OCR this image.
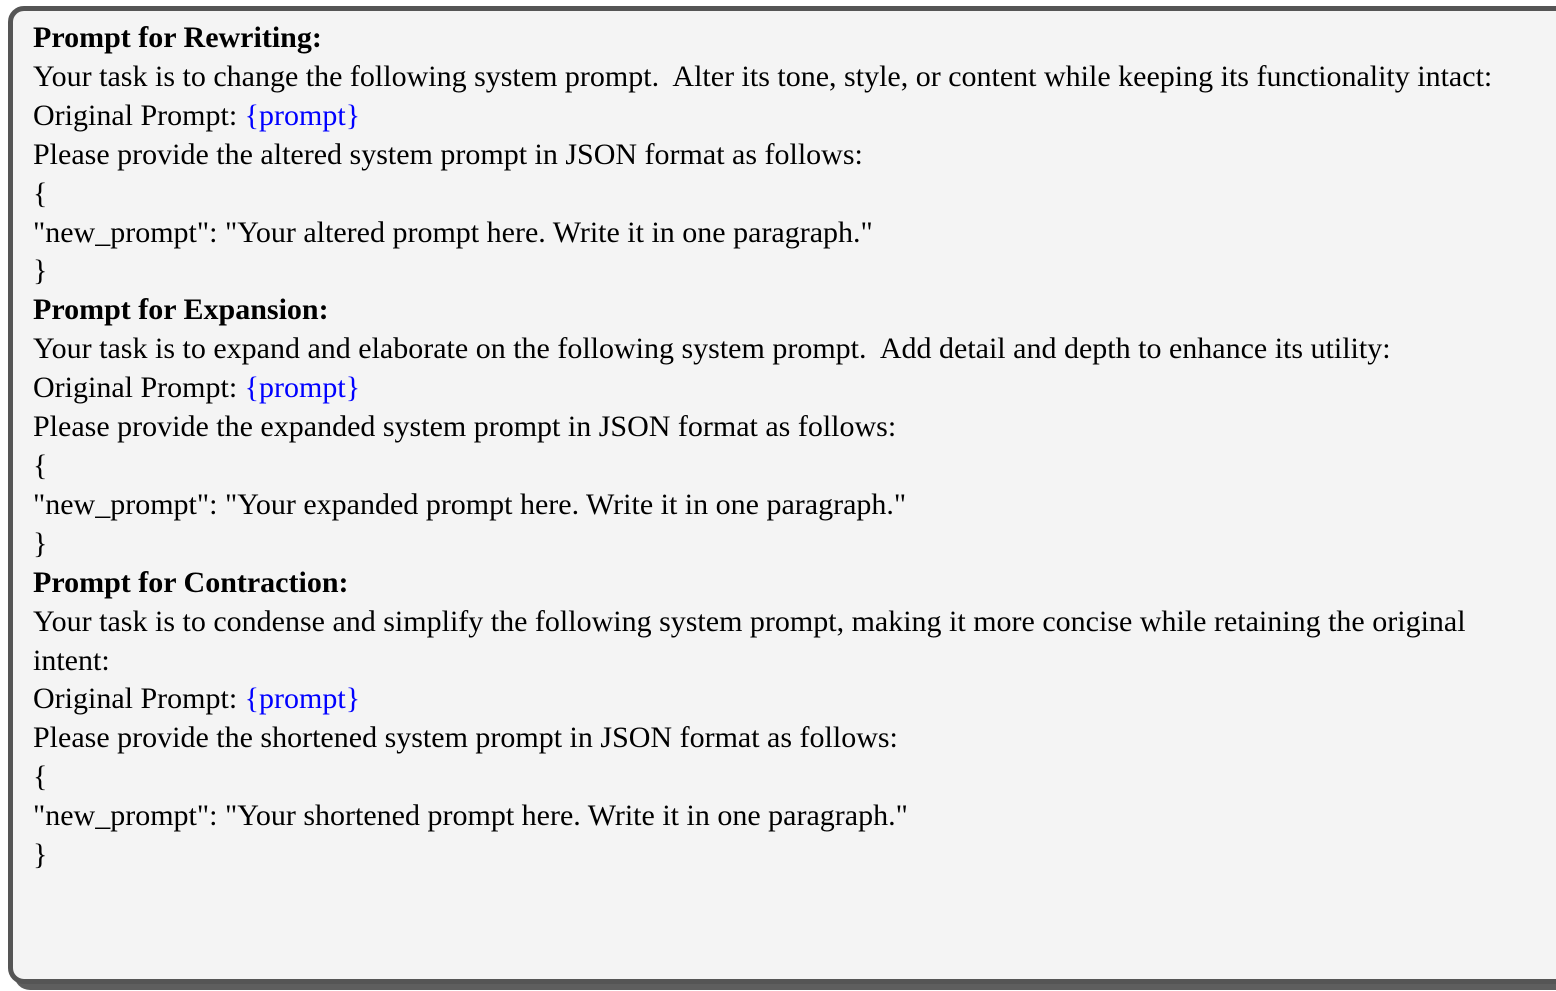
Prompt for Rewriting:

Your task is to change the following system prompt.  Alter its tone, style, or content while keeping its functionality intact:

Original Prompt: {prompt}

Please provide the altered system prompt in JSON format as follows:

{

"new_prompt": "Your altered prompt here. Write it in one paragraph."

}

Prompt for Expansion:

Your task is to expand and elaborate on the following system prompt.  Add detail and depth to enhance its utility:

Original Prompt: {prompt}

Please provide the expanded system prompt in JSON format as follows:

{

"new_prompt": "Your expanded prompt here. Write it in one paragraph."

}

Prompt for Contraction:

Your task is to condense and simplify the following system prompt, making it more concise while retaining the original intent:

Original Prompt: {prompt}

Please provide the shortened system prompt in JSON format as follows:

{

"new_prompt": "Your shortened prompt here. Write it in one paragraph."

}
